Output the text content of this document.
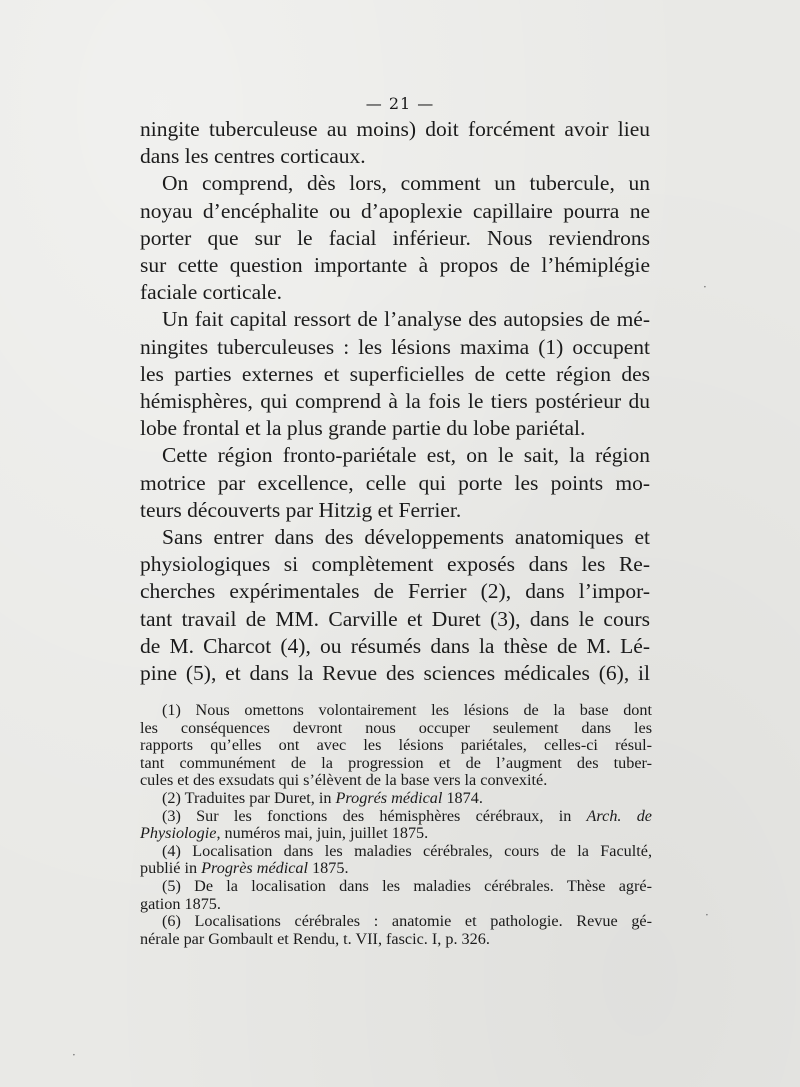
— 21 —
ningite tuberculeuse au moins) doit forcément avoir lieu
dans les centres corticaux.
On comprend, dès lors, comment un tubercule, un
noyau d’encéphalite ou d’apoplexie capillaire pourra ne
porter que sur le facial inférieur. Nous reviendrons
sur cette question importante à propos de l’hémiplégie
faciale corticale.
Un fait capital ressort de l’analyse des autopsies de mé-
ningites tuberculeuses : les lésions maxima (1) occupent
les parties externes et superficielles de cette région des
hémisphères, qui comprend à la fois le tiers postérieur du
lobe frontal et la plus grande partie du lobe pariétal.
Cette région fronto-pariétale est, on le sait, la région
motrice par excellence, celle qui porte les points mo-
teurs découverts par Hitzig et Ferrier.
Sans entrer dans des développements anatomiques et
physiologiques si complètement exposés dans les Re-
cherches expérimentales de Ferrier (2), dans l’impor-
tant travail de MM. Carville et Duret (3), dans le cours
de M. Charcot (4), ou résumés dans la thèse de M. Lé-
pine (5), et dans la Revue des sciences médicales (6), il
(1) Nous omettons volontairement les lésions de la base dont
les conséquences devront nous occuper seulement dans les
rapports qu’elles ont avec les lésions pariétales, celles-ci résul-
tant communément de la progression et de l’augment des tuber-
cules et des exsudats qui s’élèvent de la base vers la convexité.
(2) Traduites par Duret, in Progrés médical 1874.
(3) Sur les fonctions des hémisphères cérébraux, in Arch. de
Physiologie, numéros mai, juin, juillet 1875.
(4) Localisation dans les maladies cérébrales, cours de la Faculté,
publié in Progrès médical 1875.
(5) De la localisation dans les maladies cérébrales. Thèse agré-
gation 1875.
(6) Localisations cérébrales : anatomie et pathologie. Revue gé-
nérale par Gombault et Rendu, t. VII, fascic. I, p. 326.
·
·
·
